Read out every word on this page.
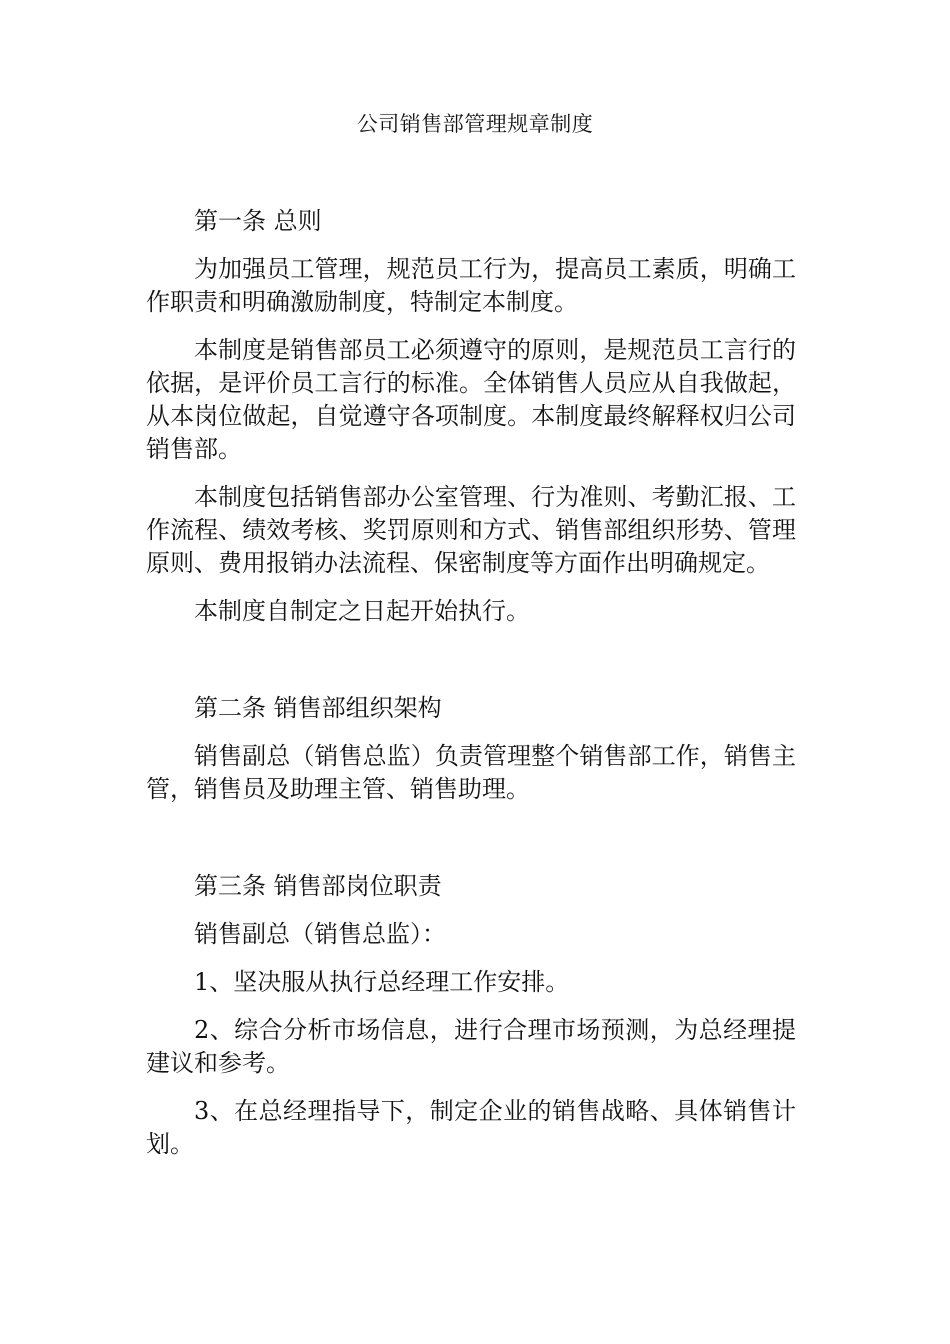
公司销售部管理规章制度

第一条 总则

为加强员工管理，规范员工行为，提高员工素质，明确工作职责和明确激励制度，特制定本制度。

本制度是销售部员工必须遵守的原则，是规范员工言行的依据，是评价员工言行的标准。全体销售人员应从自我做起，从本岗位做起，自觉遵守各项制度。本制度最终解释权归公司销售部。

本制度包括销售部办公室管理、行为准则、考勤汇报、工作流程、绩效考核、奖罚原则和方式、销售部组织形势、管理原则、费用报销办法流程、保密制度等方面作出明确规定。

本制度自制定之日起开始执行。

第二条 销售部组织架构

销售副总（销售总监）负责管理整个销售部工作，销售主管，销售员及助理主管、销售助理。

第三条 销售部岗位职责

销售副总（销售总监）：

1、坚决服从执行总经理工作安排。

2、综合分析市场信息，进行合理市场预测，为总经理提建议和参考。

3、在总经理指导下，制定企业的销售战略、具体销售计划。
